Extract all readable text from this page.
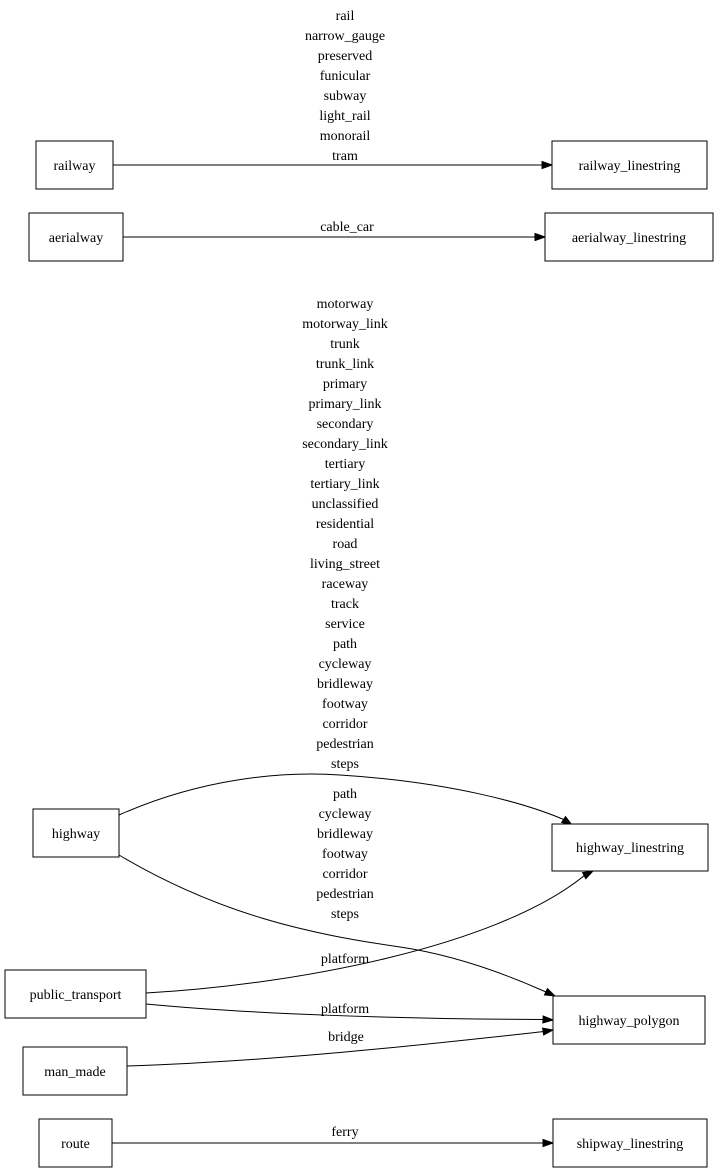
rail
narrow_gauge
preserved
funicular
subway
light_rail
monorail
tram
cable_car
motorway
motorway_link
trunk
trunk_link
primary
primary_link
secondary
secondary_link
tertiary
tertiary_link
unclassified
residential
road
living_street
raceway
track
service
path
cycleway
bridleway
footway
corridor
pedestrian
steps
path
cycleway
bridleway
footway
corridor
pedestrian
steps
platform
platform
bridge
ferry
railway	railway_linestring
aerialway	aerialway_linestring
highway
highway_linestring
public_transport
highway_polygon
man_made
route	shipway_linestring
